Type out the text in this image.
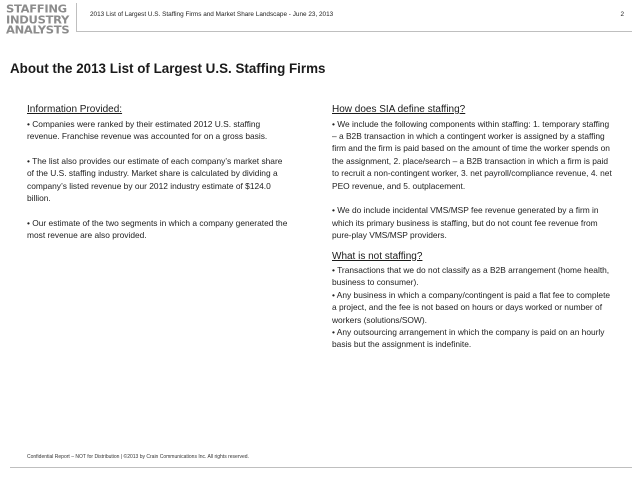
STAFFING
INDUSTRY
ANALYSTS
2013 List of Largest U.S. Staffing Firms and Market Share Landscape - June 23, 2013	2
About the 2013 List of Largest U.S. Staffing Firms
Information Provided:

• Companies were ranked by their estimated 2012 U.S. staffing revenue. Franchise revenue was accounted for on a gross basis.

• The list also provides our estimate of each company’s market share of the U.S. staffing industry. Market share is calculated by dividing a company’s listed revenue by our 2012 industry estimate of $124.0 billion.

• Our estimate of the two segments in which a company generated the most revenue are also provided.

How does SIA define staffing?

• We include the following components within staffing: 1. temporary staffing – a B2B transaction in which a contingent worker is assigned by a staffing firm and the firm is paid based on the amount of time the worker spends on the assignment, 2. place/search – a B2B transaction in which a firm is paid to recruit a non-contingent worker, 3. net payroll/compliance revenue, 4. net PEO revenue, and 5. outplacement.

• We do include incidental VMS/MSP fee revenue generated by a firm in which its primary business is staffing, but do not count fee revenue from pure-play VMS/MSP providers.

What is not staffing?

• Transactions that we do not classify as a B2B arrangement (home health, business to consumer).

• Any business in which a company/contingent is paid a flat fee to complete a project, and the fee is not based on hours or days worked or number of workers (solutions/SOW).

• Any outsourcing arrangement in which the company is paid on an hourly basis but the assignment is indefinite.

Confidential Report – NOT for Distribution | ©2013 by Crain Communications Inc. All rights reserved.
